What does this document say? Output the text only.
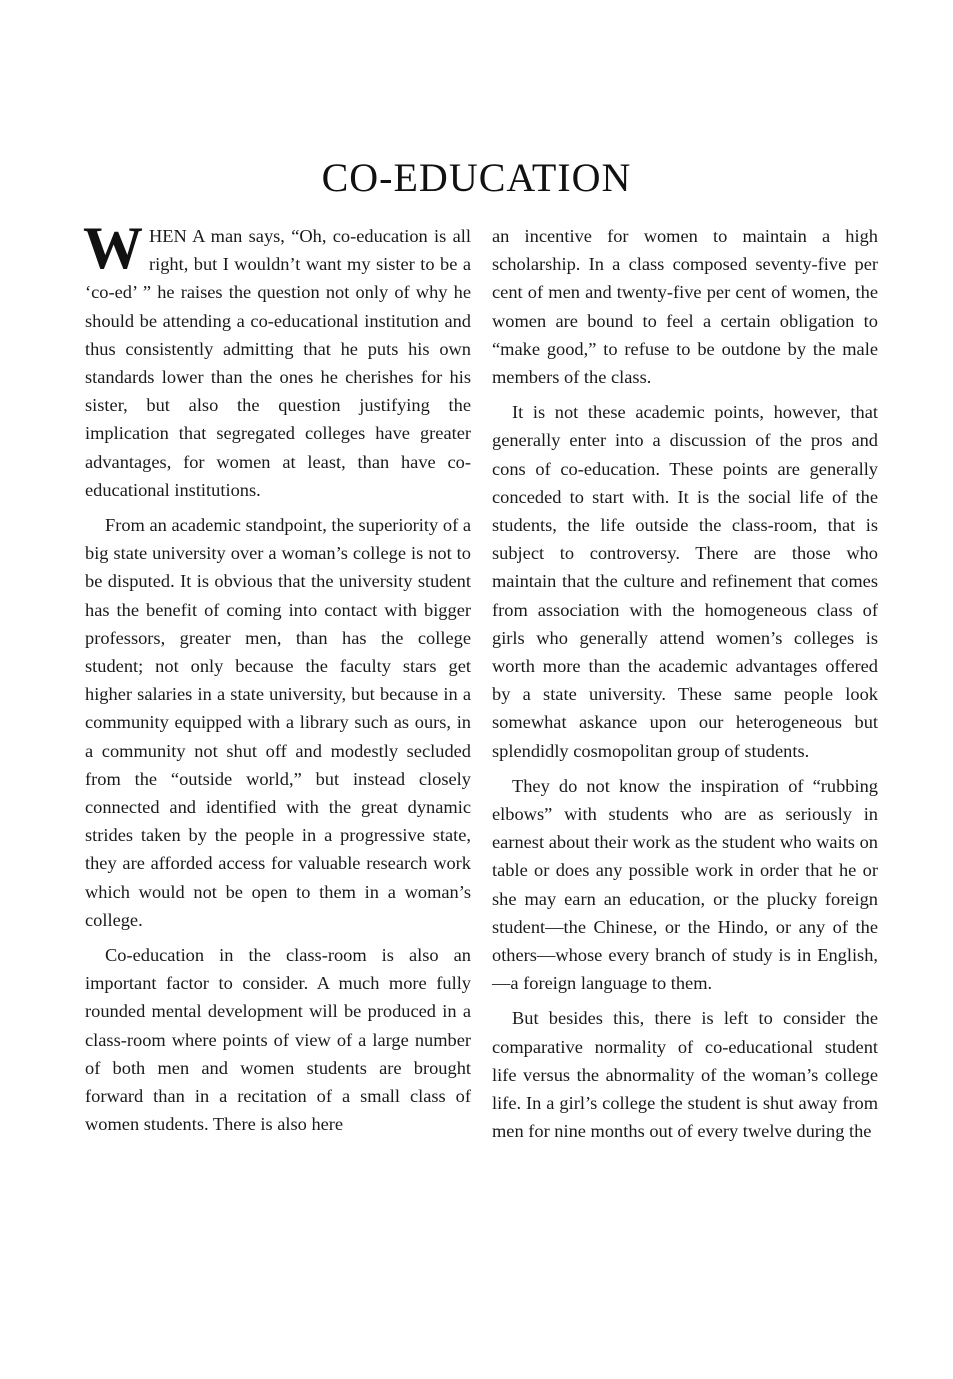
CO-EDUCATION

WHEN A man says, “Oh, co-education is all right, but I wouldn’t want my sister to be a ‘co-ed’ ” he raises the question not only of why he should be attending a co-educational institution and thus consistently admitting that he puts his own standards lower than the ones he cherishes for his sister, but also the question justifying the implication that segregated colleges have greater advantages, for women at least, than have co-educational institutions.

From an academic standpoint, the superiority of a big state university over a woman’s college is not to be disputed. It is obvious that the university student has the benefit of coming into contact with bigger professors, greater men, than has the college student; not only because the faculty stars get higher salaries in a state university, but because in a community equipped with a library such as ours, in a community not shut off and modestly secluded from the “outside world,” but instead closely connected and identified with the great dynamic strides taken by the people in a progressive state, they are afforded access for valuable research work which would not be open to them in a woman’s college.

Co-education in the class-room is also an important factor to consider. A much more fully rounded mental development will be produced in a class-room where points of view of a large number of both men and women students are brought forward than in a recitation of a small class of women students. There is also here

an incentive for women to maintain a high scholarship. In a class composed seventy-five per cent of men and twenty-five per cent of women, the women are bound to feel a certain obligation to “make good,” to refuse to be outdone by the male members of the class.

It is not these academic points, however, that generally enter into a discussion of the pros and cons of co-education. These points are generally conceded to start with. It is the social life of the students, the life outside the class-room, that is subject to controversy. There are those who maintain that the culture and refinement that comes from association with the homogeneous class of girls who generally attend women’s colleges is worth more than the academic advantages offered by a state university. These same people look somewhat askance upon our heterogeneous but splendidly cosmopolitan group of students.

They do not know the inspiration of “rubbing elbows” with students who are as seriously in earnest about their work as the student who waits on table or does any possible work in order that he or she may earn an education, or the plucky foreign student—the Chinese, or the Hindo, or any of the others—whose every branch of study is in English,—a foreign language to them.

But besides this, there is left to consider the comparative normality of co-educational student life versus the abnormality of the woman’s college life. In a girl’s college the student is shut away from men for nine months out of every twelve during the
